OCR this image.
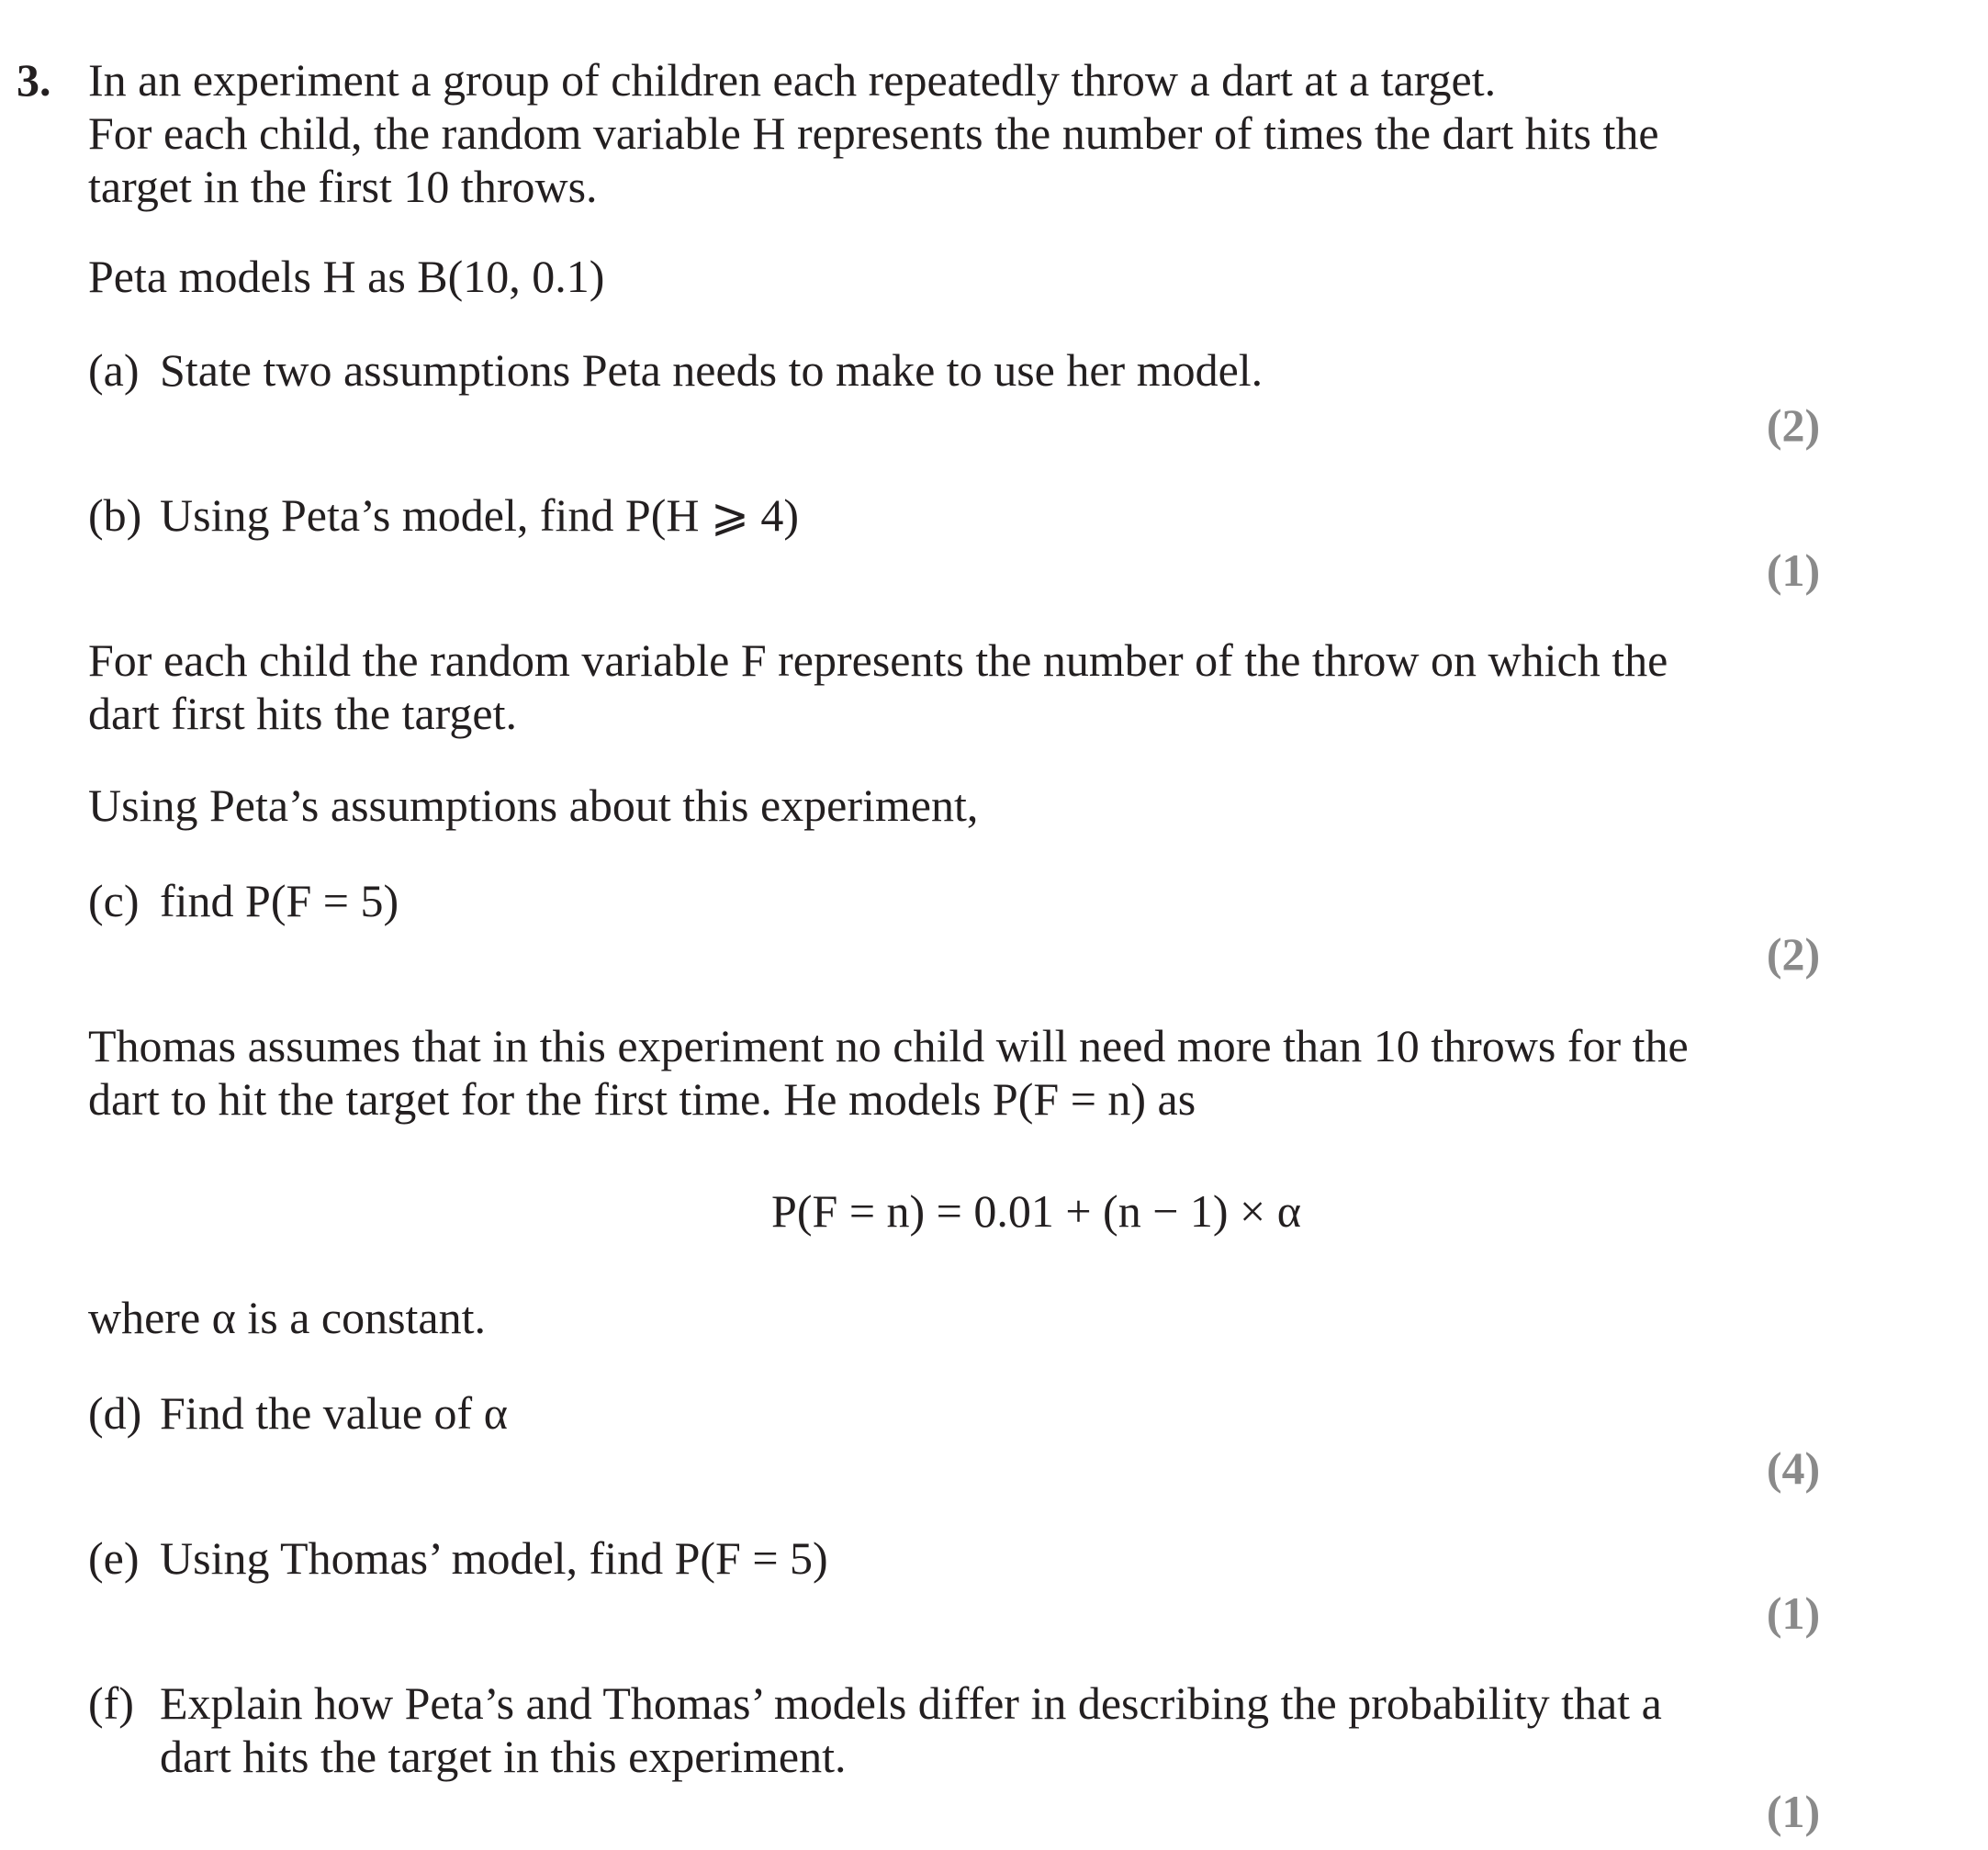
3. In an experiment a group of children each repeatedly throw a dart at a target.
For each child, the random variable H represents the number of times the dart hits the
target in the first 10 throws.

Peta models H as B(10, 0.1)

(a) State two assumptions Peta needs to make to use her model.
(2)
(b) Using Peta’s model, find P(H ⩾ 4)
(1)

For each child the random variable F represents the number of the throw on which the
dart first hits the target.

Using Peta’s assumptions about this experiment,

(c) find P(F = 5)
(2)

Thomas assumes that in this experiment no child will need more than 10 throws for the
dart to hit the target for the first time. He models P(F = n) as

P(F = n) = 0.01 + (n − 1) × α

where α is a constant.

(d) Find the value of α
(4)
(e) Using Thomas’ model, find P(F = 5)
(1)
(f) Explain how Peta’s and Thomas’ models differ in describing the probability that a
dart hits the target in this experiment.
(1)
